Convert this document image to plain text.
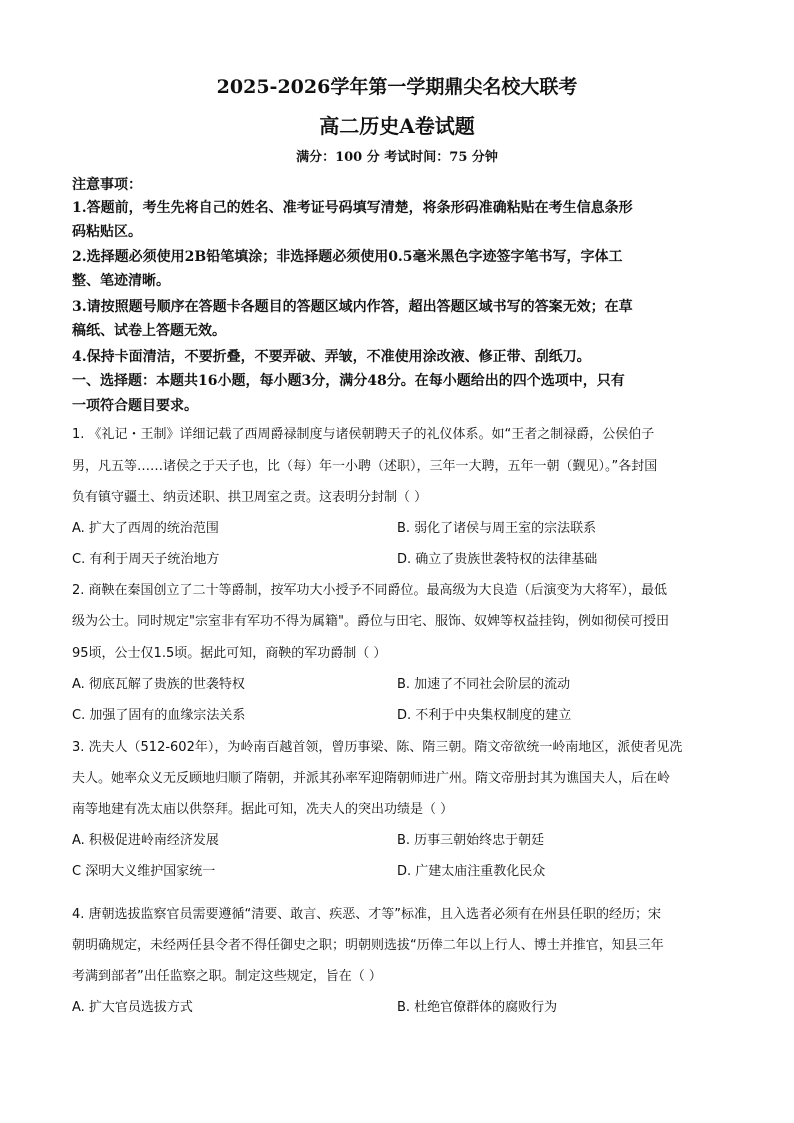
2025-2026学年第一学期鼎尖名校大联考
高二历史A卷试题
满分：100 分 考试时间：75 分钟
注意事项：
1.答题前，考生先将自己的姓名、准考证号码填写清楚，将条形码准确粘贴在考生信息条形
码粘贴区。
2.选择题必须使用2B铅笔填涂；非选择题必须使用0.5毫米黑色字迹签字笔书写，字体工
整、笔迹清晰。
3.请按照题号顺序在答题卡各题目的答题区域内作答，超出答题区域书写的答案无效；在草
稿纸、试卷上答题无效。
4.保持卡面清洁，不要折叠，不要弄破、弄皱，不准使用涂改液、修正带、刮纸刀。
一、选择题：本题共16小题，每小题3分，满分48分。在每小题给出的四个选项中，只有
一项符合题目要求。
1. 《礼记・王制》详细记载了西周爵禄制度与诸侯朝聘天子的礼仪体系。如“王者之制禄爵，公侯伯子
男，凡五等……诸侯之于天子也，比（每）年一小聘（述职），三年一大聘，五年一朝（觐见）。”各封国
负有镇守疆土、纳贡述职、拱卫周室之责。这表明分封制（ ）
A. 扩大了西周的统治范围	B. 弱化了诸侯与周王室的宗法联系
C. 有利于周天子统治地方	D. 确立了贵族世袭特权的法律基础
2. 商鞅在秦国创立了二十等爵制，按军功大小授予不同爵位。最高级为大良造（后演变为大将军），最低
级为公士。同时规定"宗室非有军功不得为属籍"。爵位与田宅、服饰、奴婢等权益挂钩，例如彻侯可授田
95顷，公士仅1.5顷。据此可知，商鞅的军功爵制（ ）
A. 彻底瓦解了贵族的世袭特权	B. 加速了不同社会阶层的流动
C. 加强了固有的血缘宗法关系	D. 不利于中央集权制度的建立
3. 冼夫人（512-602年），为岭南百越首领，曾历事梁、陈、隋三朝。隋文帝欲统一岭南地区，派使者见冼
夫人。她率众义无反顾地归顺了隋朝，并派其孙率军迎隋朝师进广州。隋文帝册封其为谯国夫人，后在岭
南等地建有冼太庙以供祭拜。据此可知，冼夫人的突出功绩是（ ）
A. 积极促进岭南经济发展	B. 历事三朝始终忠于朝廷
C 深明大义维护国家统一	D. 广建太庙注重教化民众
4. 唐朝选拔监察官员需要遵循“清要、敢言、疾恶、才等”标准，且入选者必须有在州县任职的经历；宋
朝明确规定，未经两任县令者不得任御史之职；明朝则选拔“历俸二年以上行人、博士并推官，知县三年
考满到部者”出任监察之职。制定这些规定，旨在（ ）
A. 扩大官员选拔方式	B. 杜绝官僚群体的腐败行为
